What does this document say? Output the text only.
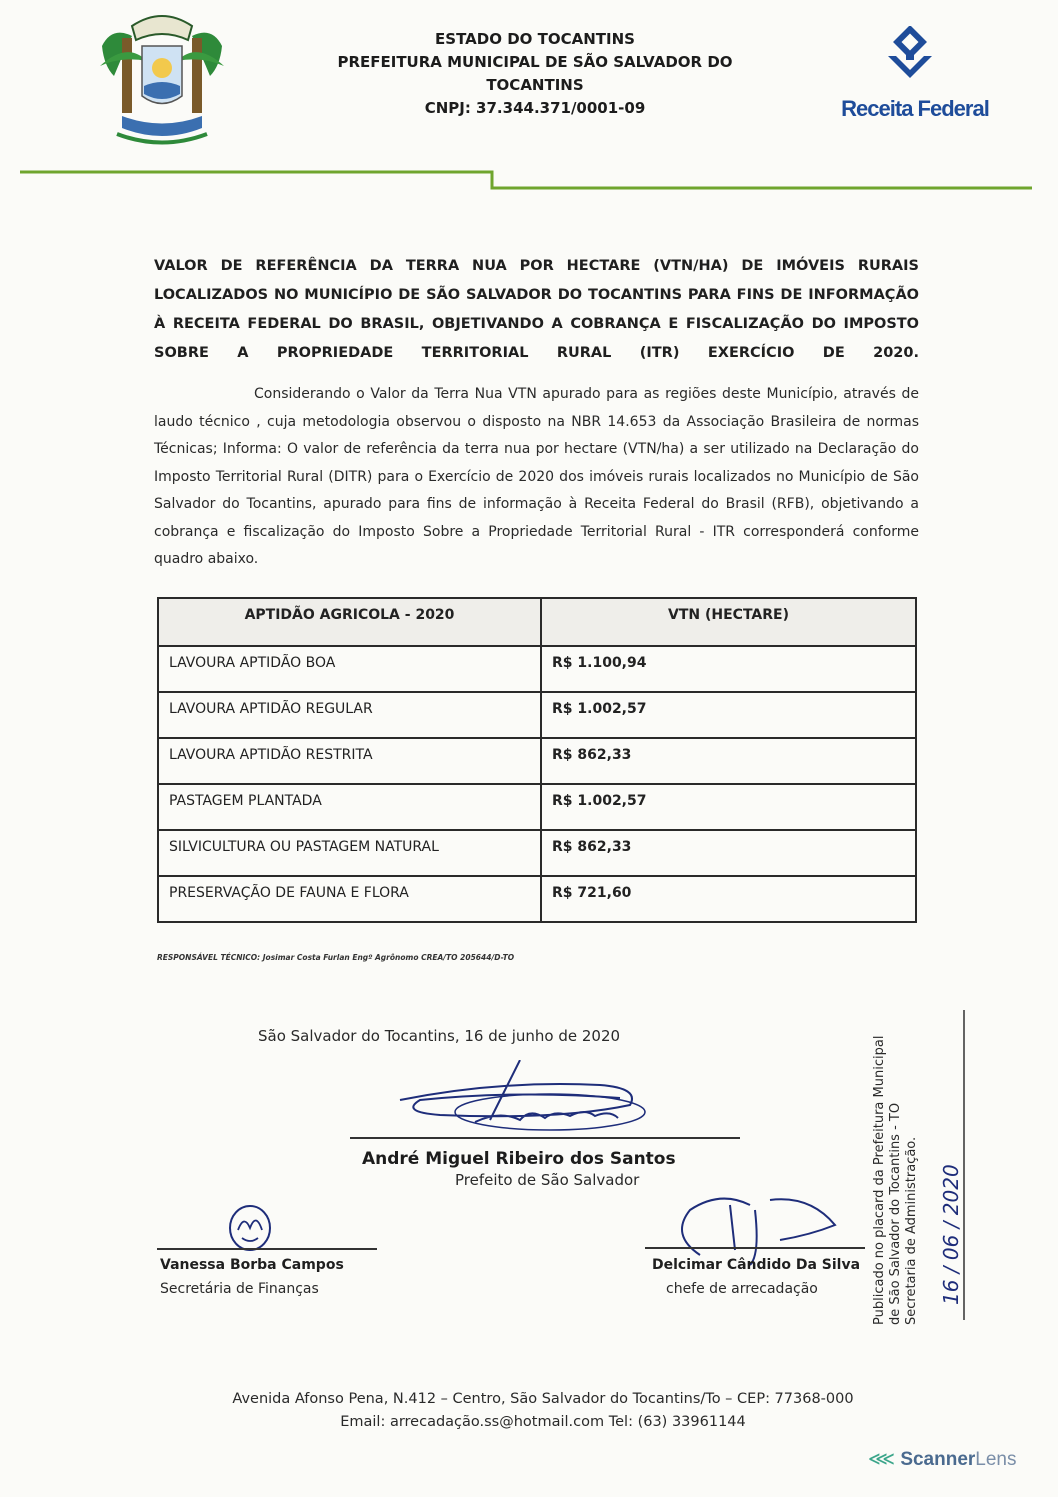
ESTADO DO TOCANTINS
PREFEITURA MUNICIPAL DE SÃO SALVADOR DO
TOCANTINS
CNPJ: 37.344.371/0001-09	Receita Federal
VALOR DE REFERÊNCIA DA TERRA NUA POR HECTARE (VTN/HA) DE IMÓVEIS RURAIS LOCALIZADOS NO MUNICÍPIO DE SÃO SALVADOR DO TOCANTINS PARA FINS DE INFORMAÇÃO À RECEITA FEDERAL DO BRASIL, OBJETIVANDO A COBRANÇA E FISCALIZAÇÃO DO IMPOSTO SOBRE A PROPRIEDADE TERRITORIAL RURAL (ITR) EXERCÍCIO DE 2020.
Considerando o Valor da Terra Nua VTN apurado para as regiões deste Município, através de laudo técnico , cuja metodologia observou o disposto na NBR 14.653 da Associação Brasileira de normas Técnicas; Informa: O valor de referência da terra nua por hectare (VTN/ha) a ser utilizado na Declaração do Imposto Territorial Rural (DITR) para o Exercício de 2020 dos imóveis rurais localizados no Município de São Salvador do Tocantins, apurado para fins de informação à Receita Federal do Brasil (RFB), objetivando a cobrança e fiscalização do Imposto Sobre a Propriedade Territorial Rural - ITR corresponderá conforme quadro abaixo.
APTIDÃO AGRICOLA - 2020	VTN (HECTARE)
LAVOURA APTIDÃO BOA	R$ 1.100,94
LAVOURA APTIDÃO REGULAR	R$ 1.002,57
LAVOURA APTIDÃO RESTRITA	R$ 862,33
PASTAGEM PLANTADA	R$ 1.002,57
SILVICULTURA OU PASTAGEM NATURAL	R$ 862,33
PRESERVAÇÃO DE FAUNA E FLORA	R$ 721,60
RESPONSÁVEL TÉCNICO: Josimar Costa Furlan Engº Agrônomo CREA/TO 205644/D-TO
São Salvador do Tocantins, 16 de junho de 2020
André Miguel Ribeiro dos Santos
Prefeito de São Salvador
Vanessa Borba Campos
Secretária de Finanças
Delcimar Cândido Da Silva
chefe de arrecadação	Publicado no placard da Prefeitura Municipal de São Salvador do Tocantins - TO Secretaria de Administração. 16 / 06 / 2020
Avenida Afonso Pena, N.412 – Centro, São Salvador do Tocantins/To – CEP: 77368-000
Email: arrecadação.ss@hotmail.com Tel: (63) 33961144
⋘ ScannerLens
